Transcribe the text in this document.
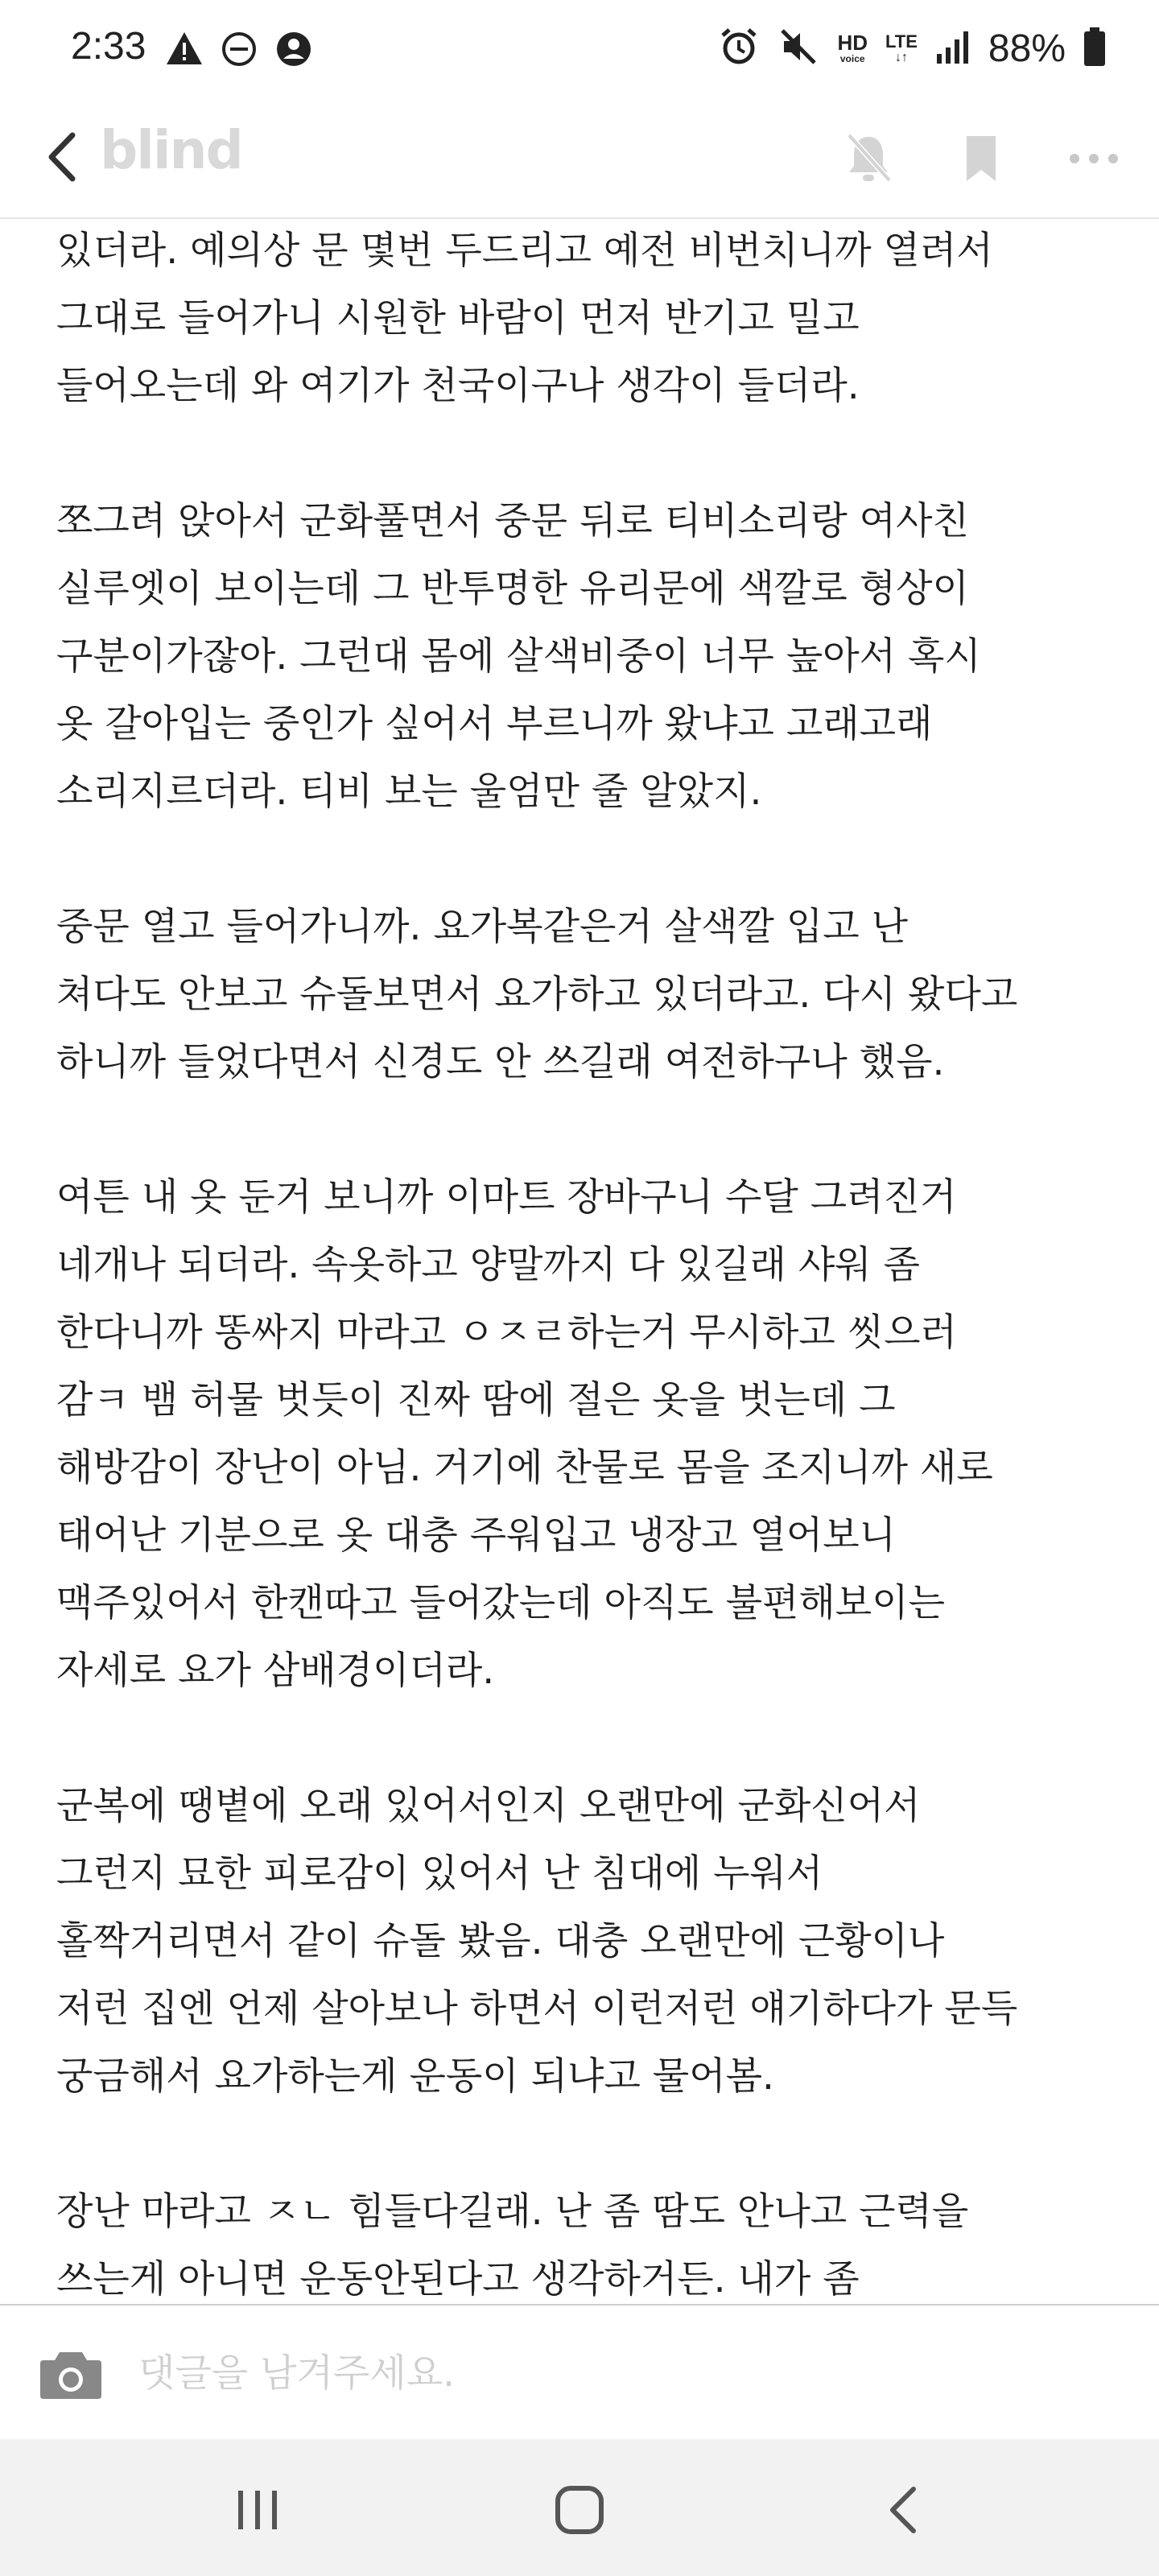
2:33	HD
voice
LTE
↓↑ 88%
blind
있더라. 예의상 문 몇번 두드리고 예전 비번치니까 열려서
그대로 들어가니 시원한 바람이 먼저 반기고 밀고
들어오는데 와 여기가 천국이구나 생각이 들더라.
쪼그려 앉아서 군화풀면서 중문 뒤로 티비소리랑 여사친
실루엣이 보이는데 그 반투명한 유리문에 색깔로 형상이
구분이가잖아. 그런대 몸에 살색비중이 너무 높아서 혹시
옷 갈아입는 중인가 싶어서 부르니까 왔냐고 고래고래
소리지르더라. 티비 보는 울엄만 줄 알았지.
중문 열고 들어가니까. 요가복같은거 살색깔 입고 난
쳐다도 안보고 슈돌보면서 요가하고 있더라고. 다시 왔다고
하니까 들었다면서 신경도 안 쓰길래 여전하구나 했음.
여튼 내 옷 둔거 보니까 이마트 장바구니 수달 그려진거
네개나 되더라. 속옷하고 양말까지 다 있길래 샤워 좀
한다니까 똥싸지 마라고 ㅇㅈㄹ하는거 무시하고 씻으러
감ㅋ 뱀 허물 벗듯이 진짜 땀에 절은 옷을 벗는데 그
해방감이 장난이 아님. 거기에 찬물로 몸을 조지니까 새로
태어난 기분으로 옷 대충 주워입고 냉장고 열어보니
맥주있어서 한캔따고 들어갔는데 아직도 불편해보이는
자세로 요가 삼배경이더라.
군복에 땡볕에 오래 있어서인지 오랜만에 군화신어서
그런지 묘한 피로감이 있어서 난 침대에 누워서
홀짝거리면서 같이 슈돌 봤음. 대충 오랜만에 근황이나
저런 집엔 언제 살아보나 하면서 이런저런 얘기하다가 문득
궁금해서 요가하는게 운동이 되냐고 물어봄.
장난 마라고 ㅈㄴ 힘들다길래. 난 좀 땀도 안나고 근력을
쓰는게 아니면 운동안된다고 생각하거든. 내가 좀
댓글을 남겨주세요.
